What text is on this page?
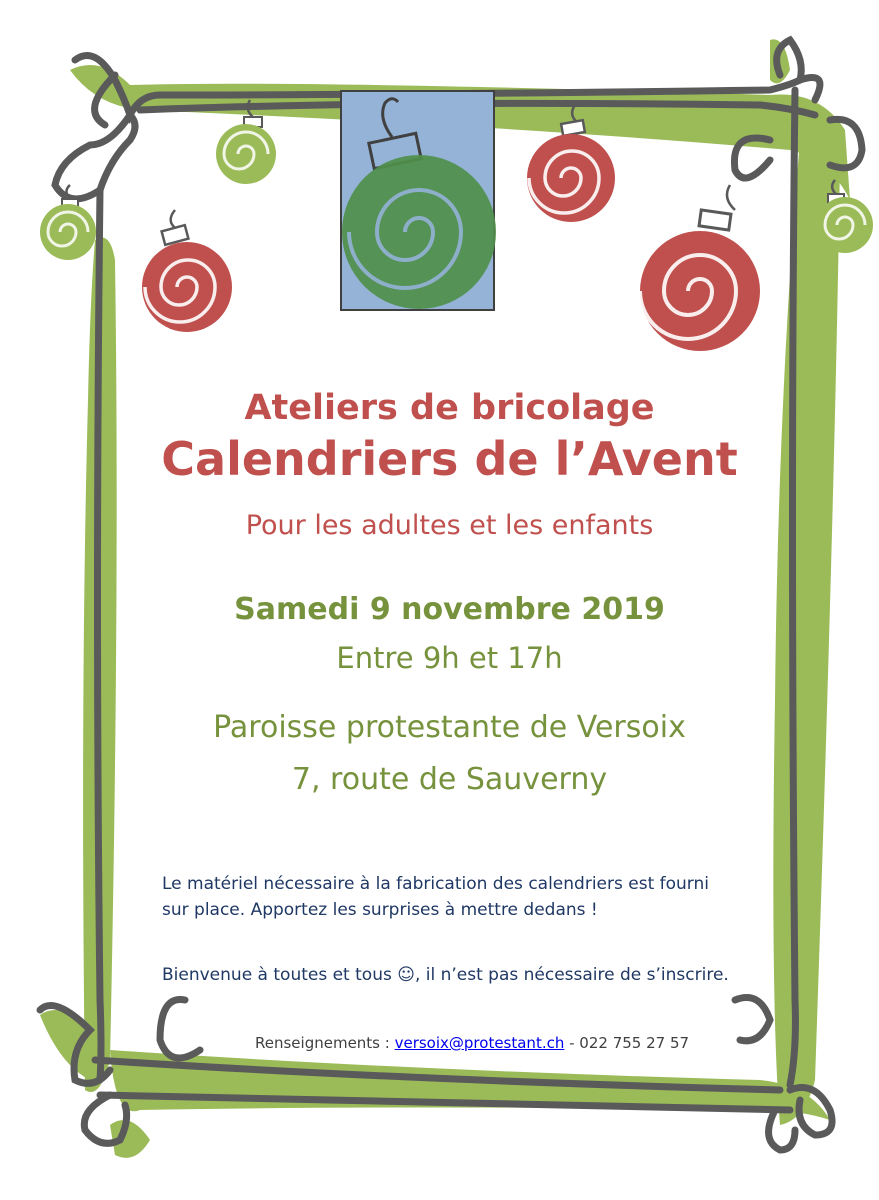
Ateliers de bricolage
Calendriers de l’Avent
Pour les adultes et les enfants
Samedi 9 novembre 2019
Entre 9h et 17h
Paroisse protestante de Versoix
7, route de Sauverny
Le matériel nécessaire à la fabrication des calendriers est fourni
sur place. Apportez les surprises à mettre dedans !
Bienvenue à toutes et tous ☺, il n’est pas nécessaire de s’inscrire.
Renseignements : versoix@protestant.ch - 022 755 27 57
